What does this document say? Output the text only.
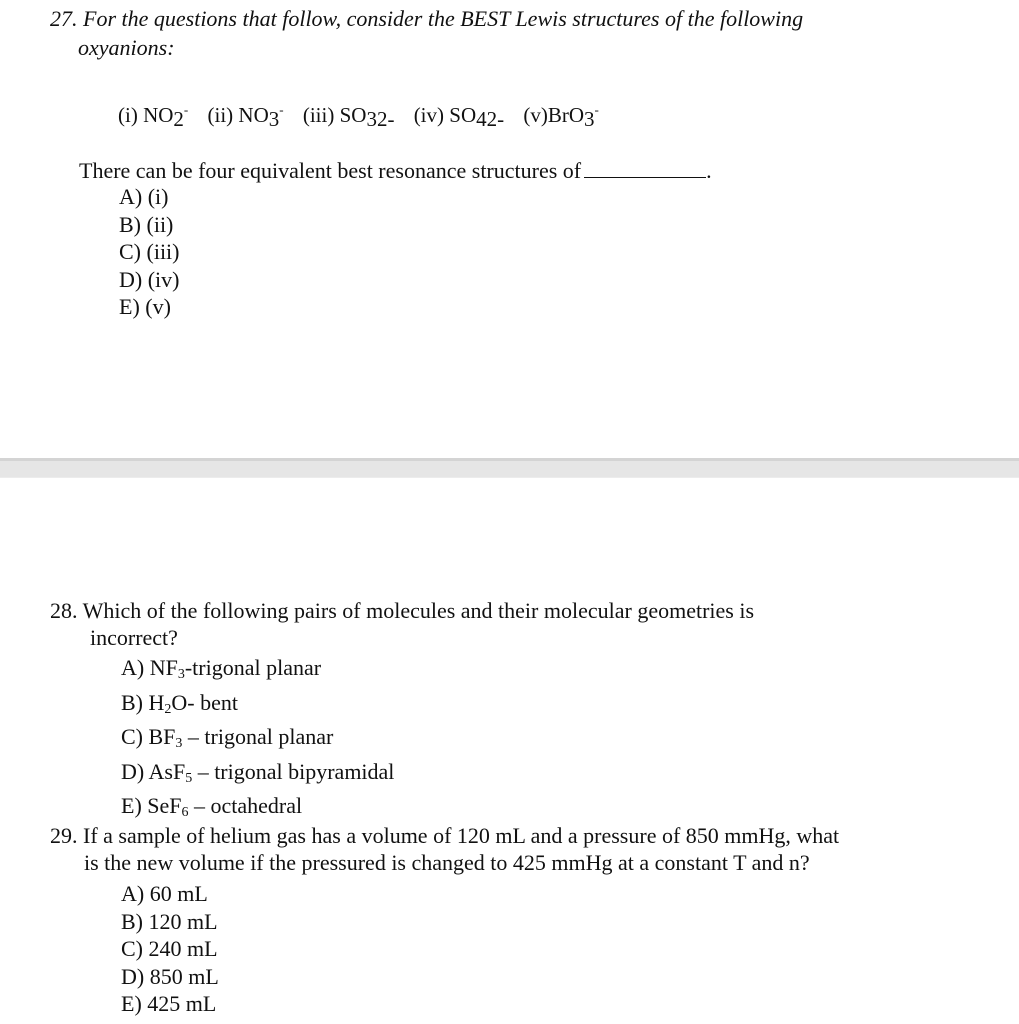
27. For the questions that follow, consider the BEST Lewis structures of the following
oxyanions:
(i) NO2- (ii) NO3- (iii) SO32- (iv) SO42- (v)BrO3-
There can be four equivalent best resonance structures of	.
A) (i)
B) (ii)
C) (iii)
D) (iv)
E) (v)
28. Which of the following pairs of molecules and their molecular geometries is
incorrect?
A) $NF_3$-trigonal planar
B) $H_2O-$ bent
C) $BF_3$ – trigonal planar
D) AsF$_5$ – trigonal bipyramidal
E) SeF$_6$ – octahedral
29. If a sample of helium gas has a volume of 120 mL and a pressure of 850 mmHg, what
is the new volume if the pressured is changed to 425 mmHg at a constant T and n?
A) 60 mL
B) 120 mL
C) 240 mL
D) 850 mL
E) 425 mL
